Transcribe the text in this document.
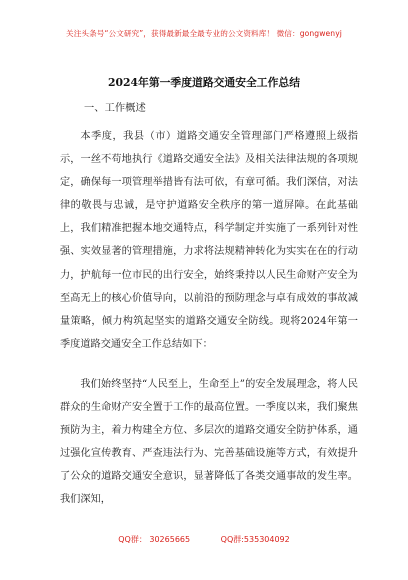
关注头条号“公文研究”，获得最新最全最专业的公文资料库！ 微信：gongwenyj
2024年第一季度道路交通安全工作总结
一、工作概述

本季度，我县（市）道路交通安全管理部门严格遵照上级指示，一丝不苟地执行《道路交通安全法》及相关法律法规的各项规定，确保每一项管理举措皆有法可依，有章可循。我们深信，对法律的敬畏与忠诚，是守护道路安全秩序的第一道屏障。在此基础上，我们精准把握本地交通特点，科学制定并实施了一系列针对性强、实效显著的管理措施，力求将法规精神转化为实实在在的行动力，护航每一位市民的出行安全，始终秉持以人民生命财产安全为至高无上的核心价值导向，以前沿的预防理念与卓有成效的事故减量策略，倾力构筑起坚实的道路交通安全防线。现将2024年第一季度道路交通安全工作总结如下：

我们始终坚持“人民至上，生命至上”的安全发展理念，将人民群众的生命财产安全置于工作的最高位置。一季度以来，我们聚焦预防为主，着力构建全方位、多层次的道路交通安全防护体系，通过强化宣传教育、严查违法行为、完善基础设施等方式，有效提升了公众的道路交通安全意识，显著降低了各类交通事故的发生率。我们深知，

QQ群： 30265665	QQ群:535304092
